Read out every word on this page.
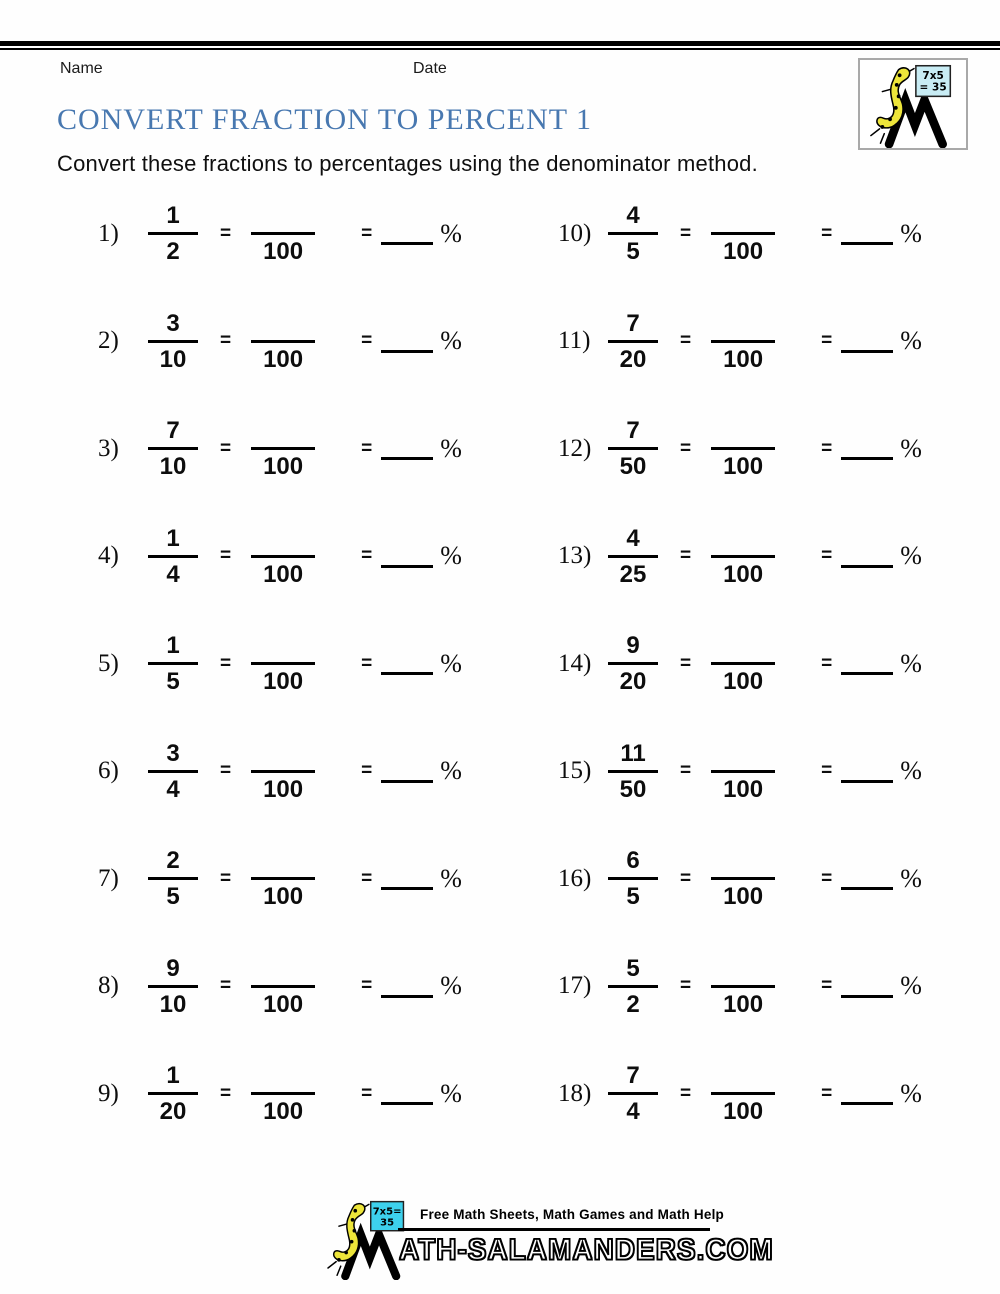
Name	Date
CONVERT FRACTION TO PERCENT 1

Convert these fractions to percentages using the denominator method.

7x5
= 35
1)	$\frac{1}{2}$ =
100
=	%
2)	$\frac{3}{10}$ =
100
=	%
3)	$\frac{7}{10}$ =
100
=	%
4)	$\frac{1}{4}$ =
100
=	%
5)	$\frac{1}{5}$ =
100
=	%
6)	$\frac{3}{4}$ =
100
=	%
7)	$\frac{2}{5}$ =
100
=	%
8)	$\frac{9}{10}$ =
100
=	%
9)	$\frac{1}{20}$ =
100
=	%
$10) \frac{4}{5}$ =
100
=	%
$11) \frac{7}{20}$ =
100
=	%
$12) \frac{7}{50}$ =
100
=	%
$13) \frac{4}{25}$ =
100
=	%
$14) \frac{9}{20}$ =
100
=	%
$15) \frac{11}{50}$ =
100
=	%
$16) \frac{6}{5}$ =
100
=	%
$17) \frac{5}{2}$ =
100
=	%
$18) \frac{7}{4}$ =
100
=	%
7x5=
35
Free Math Sheets, Math Games and Math Help
ATH-SALAMANDERS.COM
